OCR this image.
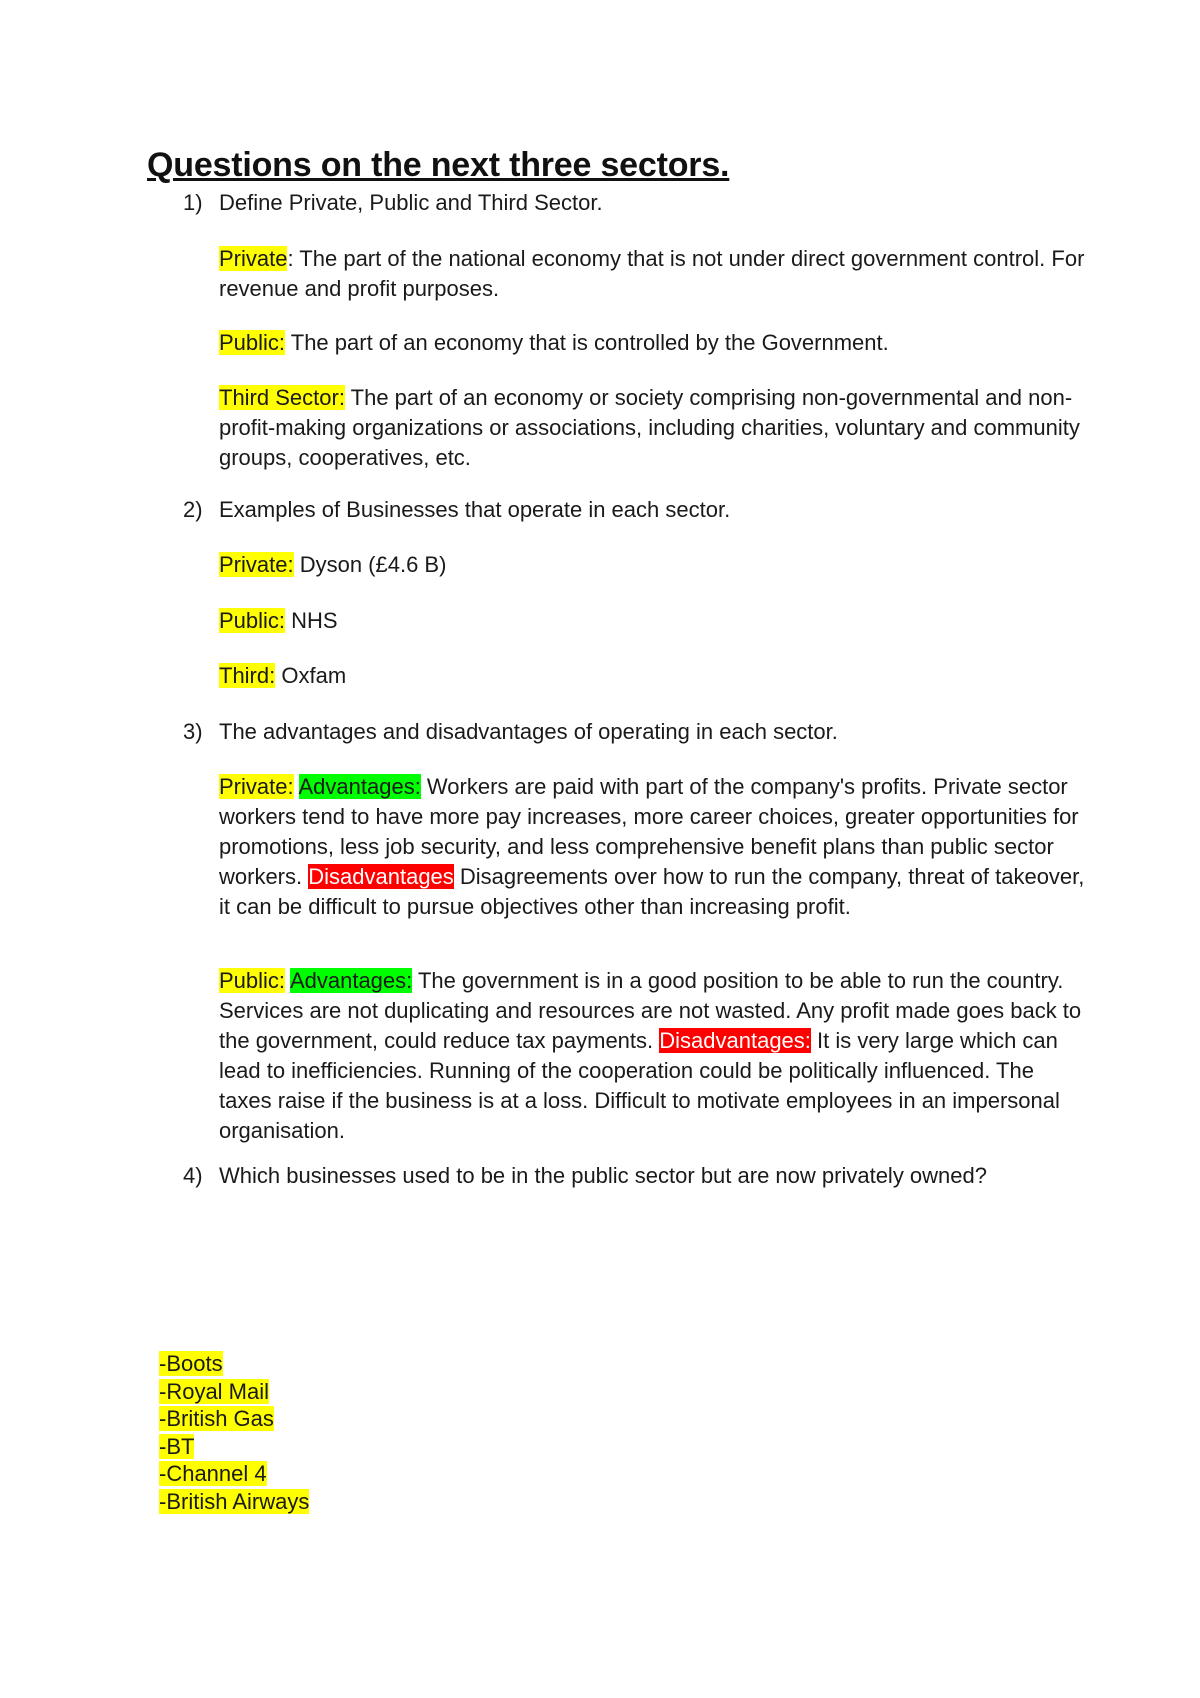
Questions on the next three sectors.
1) Define Private, Public and Third Sector.

Private: The part of the national economy that is not under direct government control. For revenue and profit purposes.

Public: The part of an economy that is controlled by the Government.

Third Sector: The part of an economy or society comprising non-governmental and non-profit-making organizations or associations, including charities, voluntary and community groups, cooperatives, etc.

2) Examples of Businesses that operate in each sector.

Private: Dyson (£4.6 B)

Public: NHS

Third: Oxfam

3) The advantages and disadvantages of operating in each sector.

Private: Advantages: Workers are paid with part of the company's profits. Private sector workers tend to have more pay increases, more career choices, greater opportunities for promotions, less job security, and less comprehensive benefit plans than public sector workers. Disadvantages Disagreements over how to run the company, threat of takeover, it can be difficult to pursue objectives other than increasing profit.

Public: Advantages: The government is in a good position to be able to run the country. Services are not duplicating and resources are not wasted. Any profit made goes back to the government, could reduce tax payments. Disadvantages: It is very large which can lead to inefficiencies. Running of the cooperation could be politically influenced. The taxes raise if the business is at a loss. Difficult to motivate employees in an impersonal organisation.

4) Which businesses used to be in the public sector but are now privately owned?
-Boots
-Royal Mail
-British Gas
-BT
-Channel 4
-British Airways
